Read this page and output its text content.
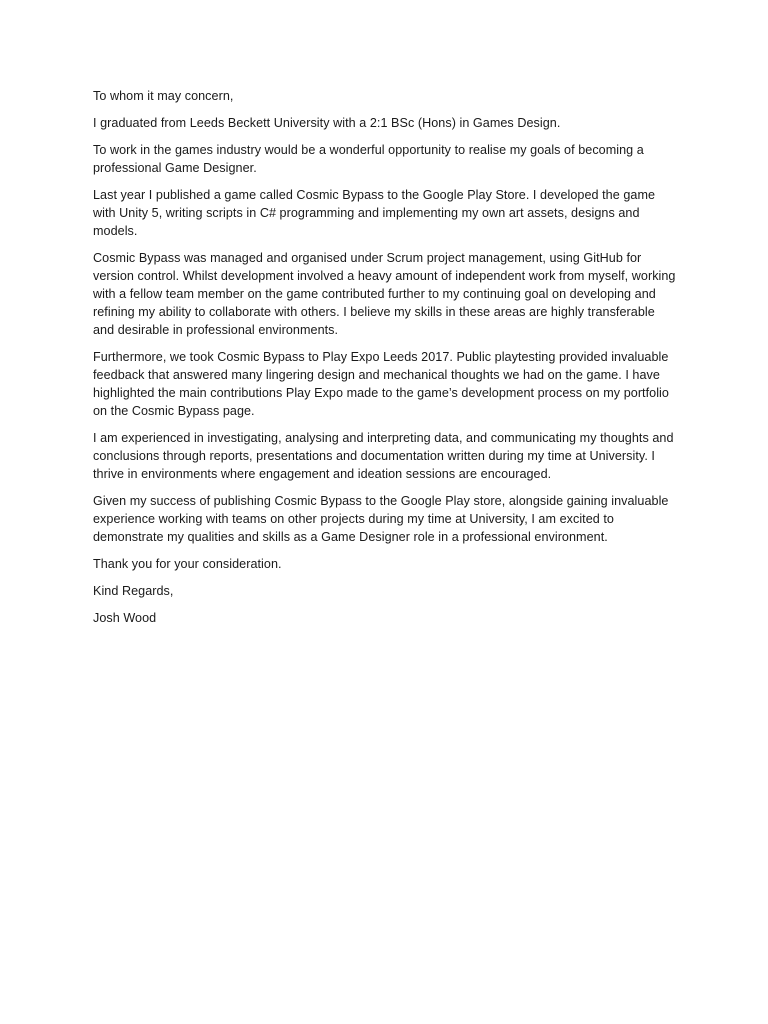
To whom it may concern,

I graduated from Leeds Beckett University with a 2:1 BSc (Hons) in Games Design.

To work in the games industry would be a wonderful opportunity to realise my goals of becoming a professional Game Designer.

Last year I published a game called Cosmic Bypass to the Google Play Store. I developed the game with Unity 5, writing scripts in C# programming and implementing my own art assets, designs and models.

Cosmic Bypass was managed and organised under Scrum project management, using GitHub for version control. Whilst development involved a heavy amount of independent work from myself, working with a fellow team member on the game contributed further to my continuing goal on developing and refining my ability to collaborate with others. I believe my skills in these areas are highly transferable and desirable in professional environments.

Furthermore, we took Cosmic Bypass to Play Expo Leeds 2017. Public playtesting provided invaluable feedback that answered many lingering design and mechanical thoughts we had on the game. I have highlighted the main contributions Play Expo made to the game’s development process on my portfolio on the Cosmic Bypass page.

I am experienced in investigating, analysing and interpreting data, and communicating my thoughts and conclusions through reports, presentations and documentation written during my time at University. I thrive in environments where engagement and ideation sessions are encouraged.

Given my success of publishing Cosmic Bypass to the Google Play store, alongside gaining invaluable experience working with teams on other projects during my time at University, I am excited to demonstrate my qualities and skills as a Game Designer role in a professional environment.

Thank you for your consideration.

Kind Regards,

Josh Wood
